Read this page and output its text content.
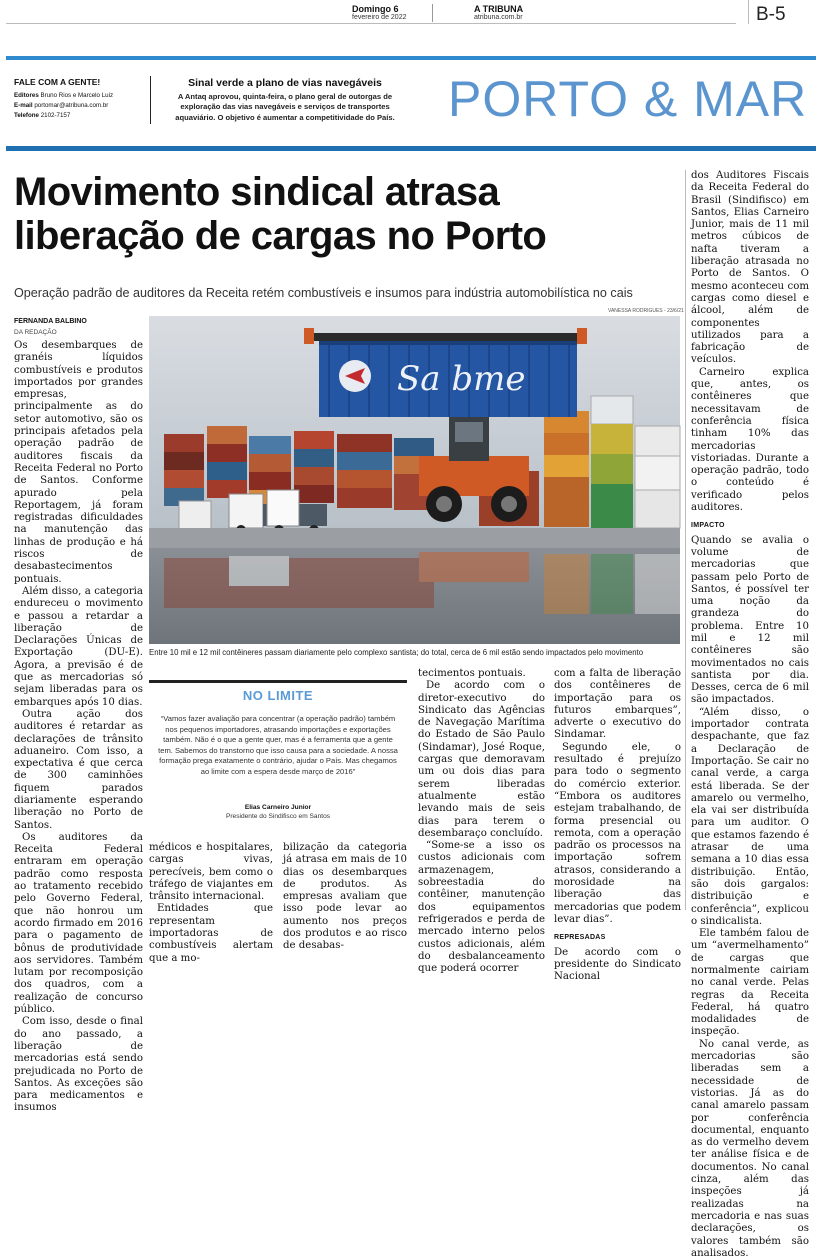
Domingo 6
fevereiro de 2022
A TRIBUNA
atribuna.com.br	B-5
FALE COM A GENTE!
Editores Bruno Rios e Marcelo Luiz
E-mail portomar@atribuna.com.br
Telefone 2102-7157
Sinal verde a plano de vias navegáveis
A Antaq aprovou, quinta-feira, o plano geral de outorgas de exploração das vias navegáveis e serviços de transportes aquaviário. O objetivo é aumentar a competitividade do País.	PORTO & MAR
Movimento sindical atrasa
liberação de cargas no Porto
Operação padrão de auditores da Receita retém combustíveis e insumos para indústria automobilística no cais
VANESSA RODRIGUES - 23/6/21
Sa bme
Entre 10 mil e 12 mil contêineres passam diariamente pelo complexo santista; do total, cerca de 6 mil estão sendo impactados pelo movimento
FERNANDA BALBINO
DA REDAÇÃO

Os desembarques de granéis líquidos combustíveis e produtos importados por grandes empresas, principalmente as do setor automotivo, são os principais afetados pela operação padrão de auditores fiscais da Receita Federal no Porto de Santos. Conforme apurado pela Reportagem, já foram registradas dificuldades na manutenção das linhas de produção e há riscos de desabastecimentos pontuais.

Além disso, a categoria endureceu o movimento e passou a retardar a liberação de Declarações Únicas de Exportação (DU-E). Agora, a previsão é de que as mercadorias só sejam liberadas para os embarques após 10 dias.

Outra ação dos auditores é retardar as declarações de trânsito aduaneiro. Com isso, a expectativa é que cerca de 300 caminhões fiquem parados diariamente esperando liberação no Porto de Santos.

Os auditores da Receita Federal entraram em operação padrão como resposta ao tratamento recebido pelo Governo Federal, que não honrou um acordo firmado em 2016 para o pagamento de bônus de produtividade aos servidores. Também lutam por recomposição dos quadros, com a realização de concurso público.

Com isso, desde o final do ano passado, a liberação de mercadorias está sendo prejudicada no Porto de Santos. As exceções são para medicamentos e insumos

NO LIMITE
“Vamos fazer avaliação para concentrar (a operação padrão) também nos pequenos importadores, atrasando importações e exportações também. Não é o que a gente quer, mas é a ferramenta que a gente tem. Sabemos do transtorno que isso causa para a sociedade. A nossa formação prega exatamente o contrário, ajudar o País. Mas chegamos ao limite com a espera desde março de 2016”
Elias Carneiro Junior
Presidente do Sindifisco em Santos

médicos e hospitalares, cargas vivas, perecíveis, bem como o tráfego de viajantes em trânsito internacional.

Entidades que representam importadoras de combustíveis alertam que a mo-

bilização da categoria já atrasa em mais de 10 dias os desembarques de produtos. As empresas avaliam que isso pode levar ao aumento nos preços dos produtos e ao risco de desabas-

tecimentos pontuais.

De acordo com o diretor-executivo do Sindicato das Agências de Navegação Marítima do Estado de São Paulo (Sindamar), José Roque, cargas que demoravam um ou dois dias para serem liberadas atualmente estão levando mais de seis dias para terem o desembaraço concluído.

“Some-se a isso os custos adicionais com armazenagem, sobreestadia do contêiner, manutenção dos equipamentos refrigerados e perda de mercado interno pelos custos adicionais, além do desbalanceamento que poderá ocorrer

com a falta de liberação dos contêineres de importação para os futuros embarques”, adverte o executivo do Sindamar.

Segundo ele, o resultado é prejuízo para todo o segmento do comércio exterior. “Embora os auditores estejam trabalhando, de forma presencial ou remota, com a operação padrão os processos na importação sofrem atrasos, considerando a morosidade na liberação das mercadorias que podem levar dias”.

REPRESADAS

De acordo com o presidente do Sindicato Nacional

dos Auditores Fiscais da Receita Federal do Brasil (Sindifisco) em Santos, Elias Carneiro Junior, mais de 11 mil metros cúbicos de nafta tiveram a liberação atrasada no Porto de Santos. O mesmo aconteceu com cargas como diesel e álcool, além de componentes utilizados para a fabricação de veículos.

Carneiro explica que, antes, os contêineres que necessitavam de conferência física tinham 10% das mercadorias vistoriadas. Durante a operação padrão, todo o conteúdo é verificado pelos auditores.

IMPACTO

Quando se avalia o volume de mercadorias que passam pelo Porto de Santos, é possível ter uma noção da grandeza do problema. Entre 10 mil e 12 mil contêineres são movimentados no cais santista por dia. Desses, cerca de 6 mil são impactados.

“Além disso, o importador contrata despachante, que faz a Declaração de Importação. Se cair no canal verde, a carga está liberada. Se der amarelo ou vermelho, ela vai ser distribuída para um auditor. O que estamos fazendo é atrasar de uma semana a 10 dias essa distribuição. Então, são dois gargalos: distribuição e conferência”, explicou o sindicalista.

Ele também falou de um “avermelhamento” de cargas que normalmente cairiam no canal verde. Pelas regras da Receita Federal, há quatro modalidades de inspeção.

No canal verde, as mercadorias são liberadas sem a necessidade de vistorias. Já as do canal amarelo passam por conferência documental, enquanto as do vermelho devem ter análise física e de documentos. No canal cinza, além das inspeções já realizadas na mercadoria e nas suas declarações, os valores também são analisados.
